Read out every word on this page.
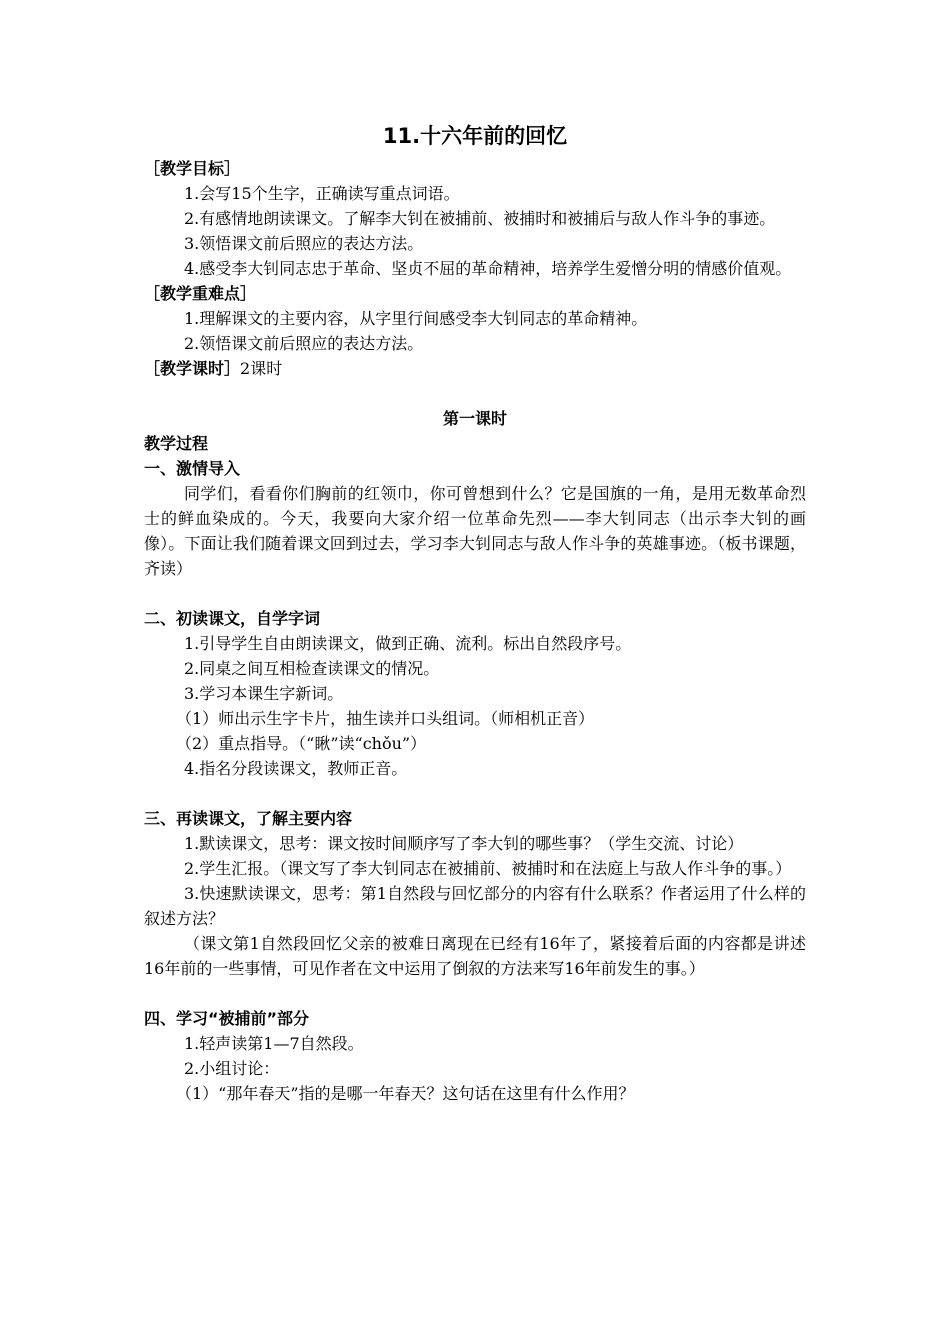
11.十六年前的回忆

［教学目标］

1.会写15个生字，正确读写重点词语。

2.有感情地朗读课文。了解李大钊在被捕前、被捕时和被捕后与敌人作斗争的事迹。

3.领悟课文前后照应的表达方法。

4.感受李大钊同志忠于革命、坚贞不屈的革命精神，培养学生爱憎分明的情感价值观。

［教学重难点］

1.理解课文的主要内容，从字里行间感受李大钊同志的革命精神。

2.领悟课文前后照应的表达方法。

［教学课时］2课时

第一课时

教学过程

一、激情导入

同学们，看看你们胸前的红领巾，你可曾想到什么？它是国旗的一角，是用无数革命烈士的鲜血染成的。今天，我要向大家介绍一位革命先烈——李大钊同志（出示李大钊的画像）。下面让我们随着课文回到过去，学习李大钊同志与敌人作斗争的英雄事迹。（板书课题，齐读）

二、初读课文，自学字词

1.引导学生自由朗读课文，做到正确、流利。标出自然段序号。

2.同桌之间互相检查读课文的情况。

3.学习本课生字新词。

（1）师出示生字卡片，抽生读并口头组词。（师相机正音）

（2）重点指导。（“瞅”读“chǒu”）

4.指名分段读课文，教师正音。

三、再读课文，了解主要内容

1.默读课文，思考：课文按时间顺序写了李大钊的哪些事？（学生交流、讨论）

2.学生汇报。（课文写了李大钊同志在被捕前、被捕时和在法庭上与敌人作斗争的事。）

3.快速默读课文，思考：第1自然段与回忆部分的内容有什么联系？作者运用了什么样的叙述方法？

（课文第1自然段回忆父亲的被难日离现在已经有16年了，紧接着后面的内容都是讲述16年前的一些事情，可见作者在文中运用了倒叙的方法来写16年前发生的事。）

四、学习“被捕前”部分

1.轻声读第1—7自然段。

2.小组讨论：

（1）“那年春天”指的是哪一年春天？这句话在这里有什么作用？
